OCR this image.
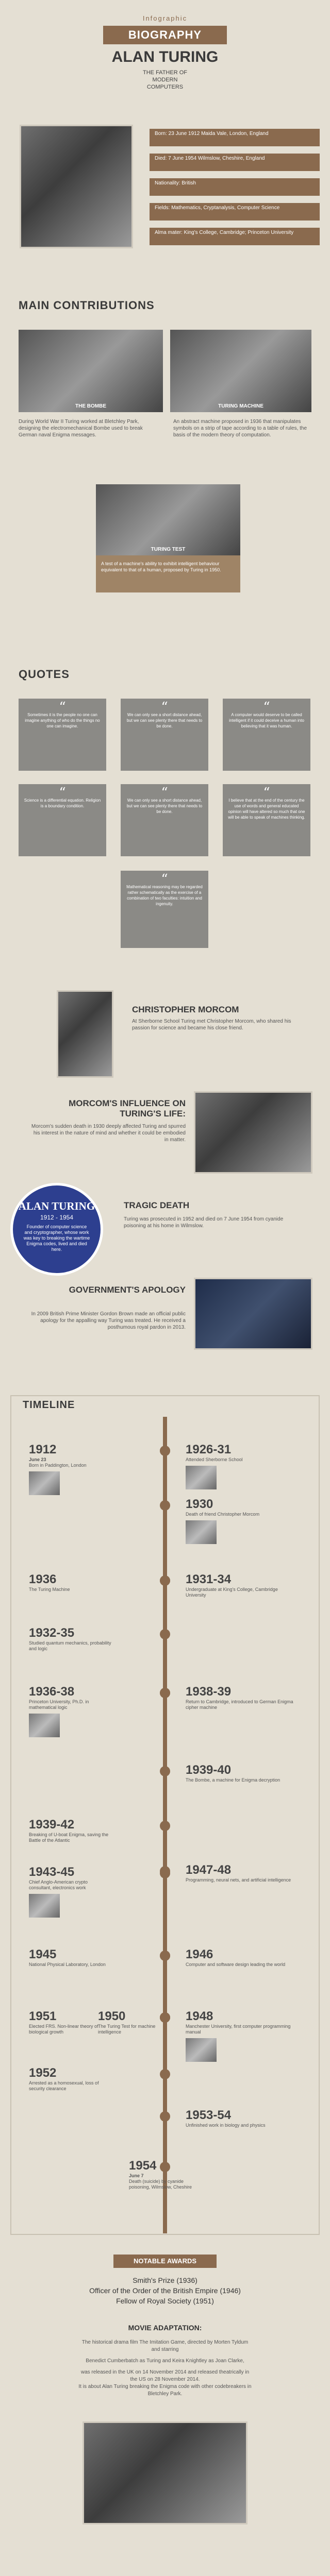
Infographic
BIOGRAPHY
ALAN TURING
THE FATHER OF MODERN COMPUTERS
Born: 23 June 1912 Maida Vale, London, England
Died: 7 June 1954 Wilmslow, Cheshire, England
Nationality: British
Fields: Mathematics, Cryptanalysis, Computer Science
Alma mater: King's College, Cambridge; Princeton University
MAIN CONTRIBUTIONS
THE BOMBE	TURING MACHINE
During World War II Turing worked at Bletchley Park, designing the electromechanical Bombe used to break German naval Enigma messages.
An abstract machine proposed in 1936 that manipulates symbols on a strip of tape according to a table of rules, the basis of the modern theory of computation.
TURING TEST
A test of a machine's ability to exhibit intelligent behaviour equivalent to that of a human, proposed by Turing in 1950.
QUOTES
“
Sometimes it is the people no one can imagine anything of who do the things no one can imagine.
“
We can only see a short distance ahead, but we can see plenty there that needs to be done.
“
A computer would deserve to be called intelligent if it could deceive a human into believing that it was human.
“
Science is a differential equation. Religion is a boundary condition.
“
We can only see a short distance ahead, but we can see plenty there that needs to be done.
“
I believe that at the end of the century the use of words and general educated opinion will have altered so much that one will be able to speak of machines thinking.
“
Mathematical reasoning may be regarded rather schematically as the exercise of a combination of two faculties: intuition and ingenuity.
CHRISTOPHER MORCOM
At Sherborne School Turing met Christopher Morcom, who shared his passion for science and became his close friend.
MORCOM'S INFLUENCE ON TURING'S LIFE:
Morcom's sudden death in 1930 deeply affected Turing and spurred his interest in the nature of mind and whether it could be embodied in matter.
ALAN TURING
1912 - 1954
Founder of computer science and cryptographer, whose work was key to breaking the wartime Enigma codes, lived and died here.
TRAGIC DEATH
Turing was prosecuted in 1952 and died on 7 June 1954 from cyanide poisoning at his home in Wilmslow.
GOVERNMENT'S APOLOGY
In 2009 British Prime Minister Gordon Brown made an official public apology for the appalling way Turing was treated. He received a posthumous royal pardon in 2013.
TIMELINE
1912
June 23
Born in Paddington, London
1926-31
Attended Sherborne School
1930
Death of friend Christopher Morcom
1936
The Turing Machine
1931-34
Undergraduate at King's College, Cambridge University
1932-35
Studied quantum mechanics, probability and logic
1936-38
Princeton University, Ph.D. in mathematical logic
1938-39
Return to Cambridge, introduced to German Enigma cipher machine
1939-40
The Bombe, a machine for Enigma decryption
1939-42
Breaking of U-boat Enigma, saving the Battle of the Atlantic
1943-45
Chief Anglo-American crypto consultant, electronics work
1947-48
Programming, neural nets, and artificial intelligence
1945
National Physical Laboratory, London
1946
Computer and software design leading the world
1951
Elected FRS. Non-linear theory of biological growth
1950
The Turing Test for machine intelligence
1948
Manchester University, first computer programming manual
1952
Arrested as a homosexual, loss of security clearance
1953-54
Unfinished work in biology and physics
1954
June 7
Death (suicide) by cyanide poisoning, Wilmslow, Cheshire
NOTABLE AWARDS
Smith's Prize (1936)
Officer of the Order of the British Empire (1946)
Fellow of Royal Society (1951)
MOVIE ADAPTATION:
The historical drama film The Imitation Game, directed by Morten Tyldum and starring
Benedict Cumberbatch as Turing and Keira Knightley as Joan Clarke,
was released in the UK on 14 November 2014 and released theatrically in the US on 28 November 2014.
It is about Alan Turing breaking the Enigma code with other codebreakers in Bletchley Park.
